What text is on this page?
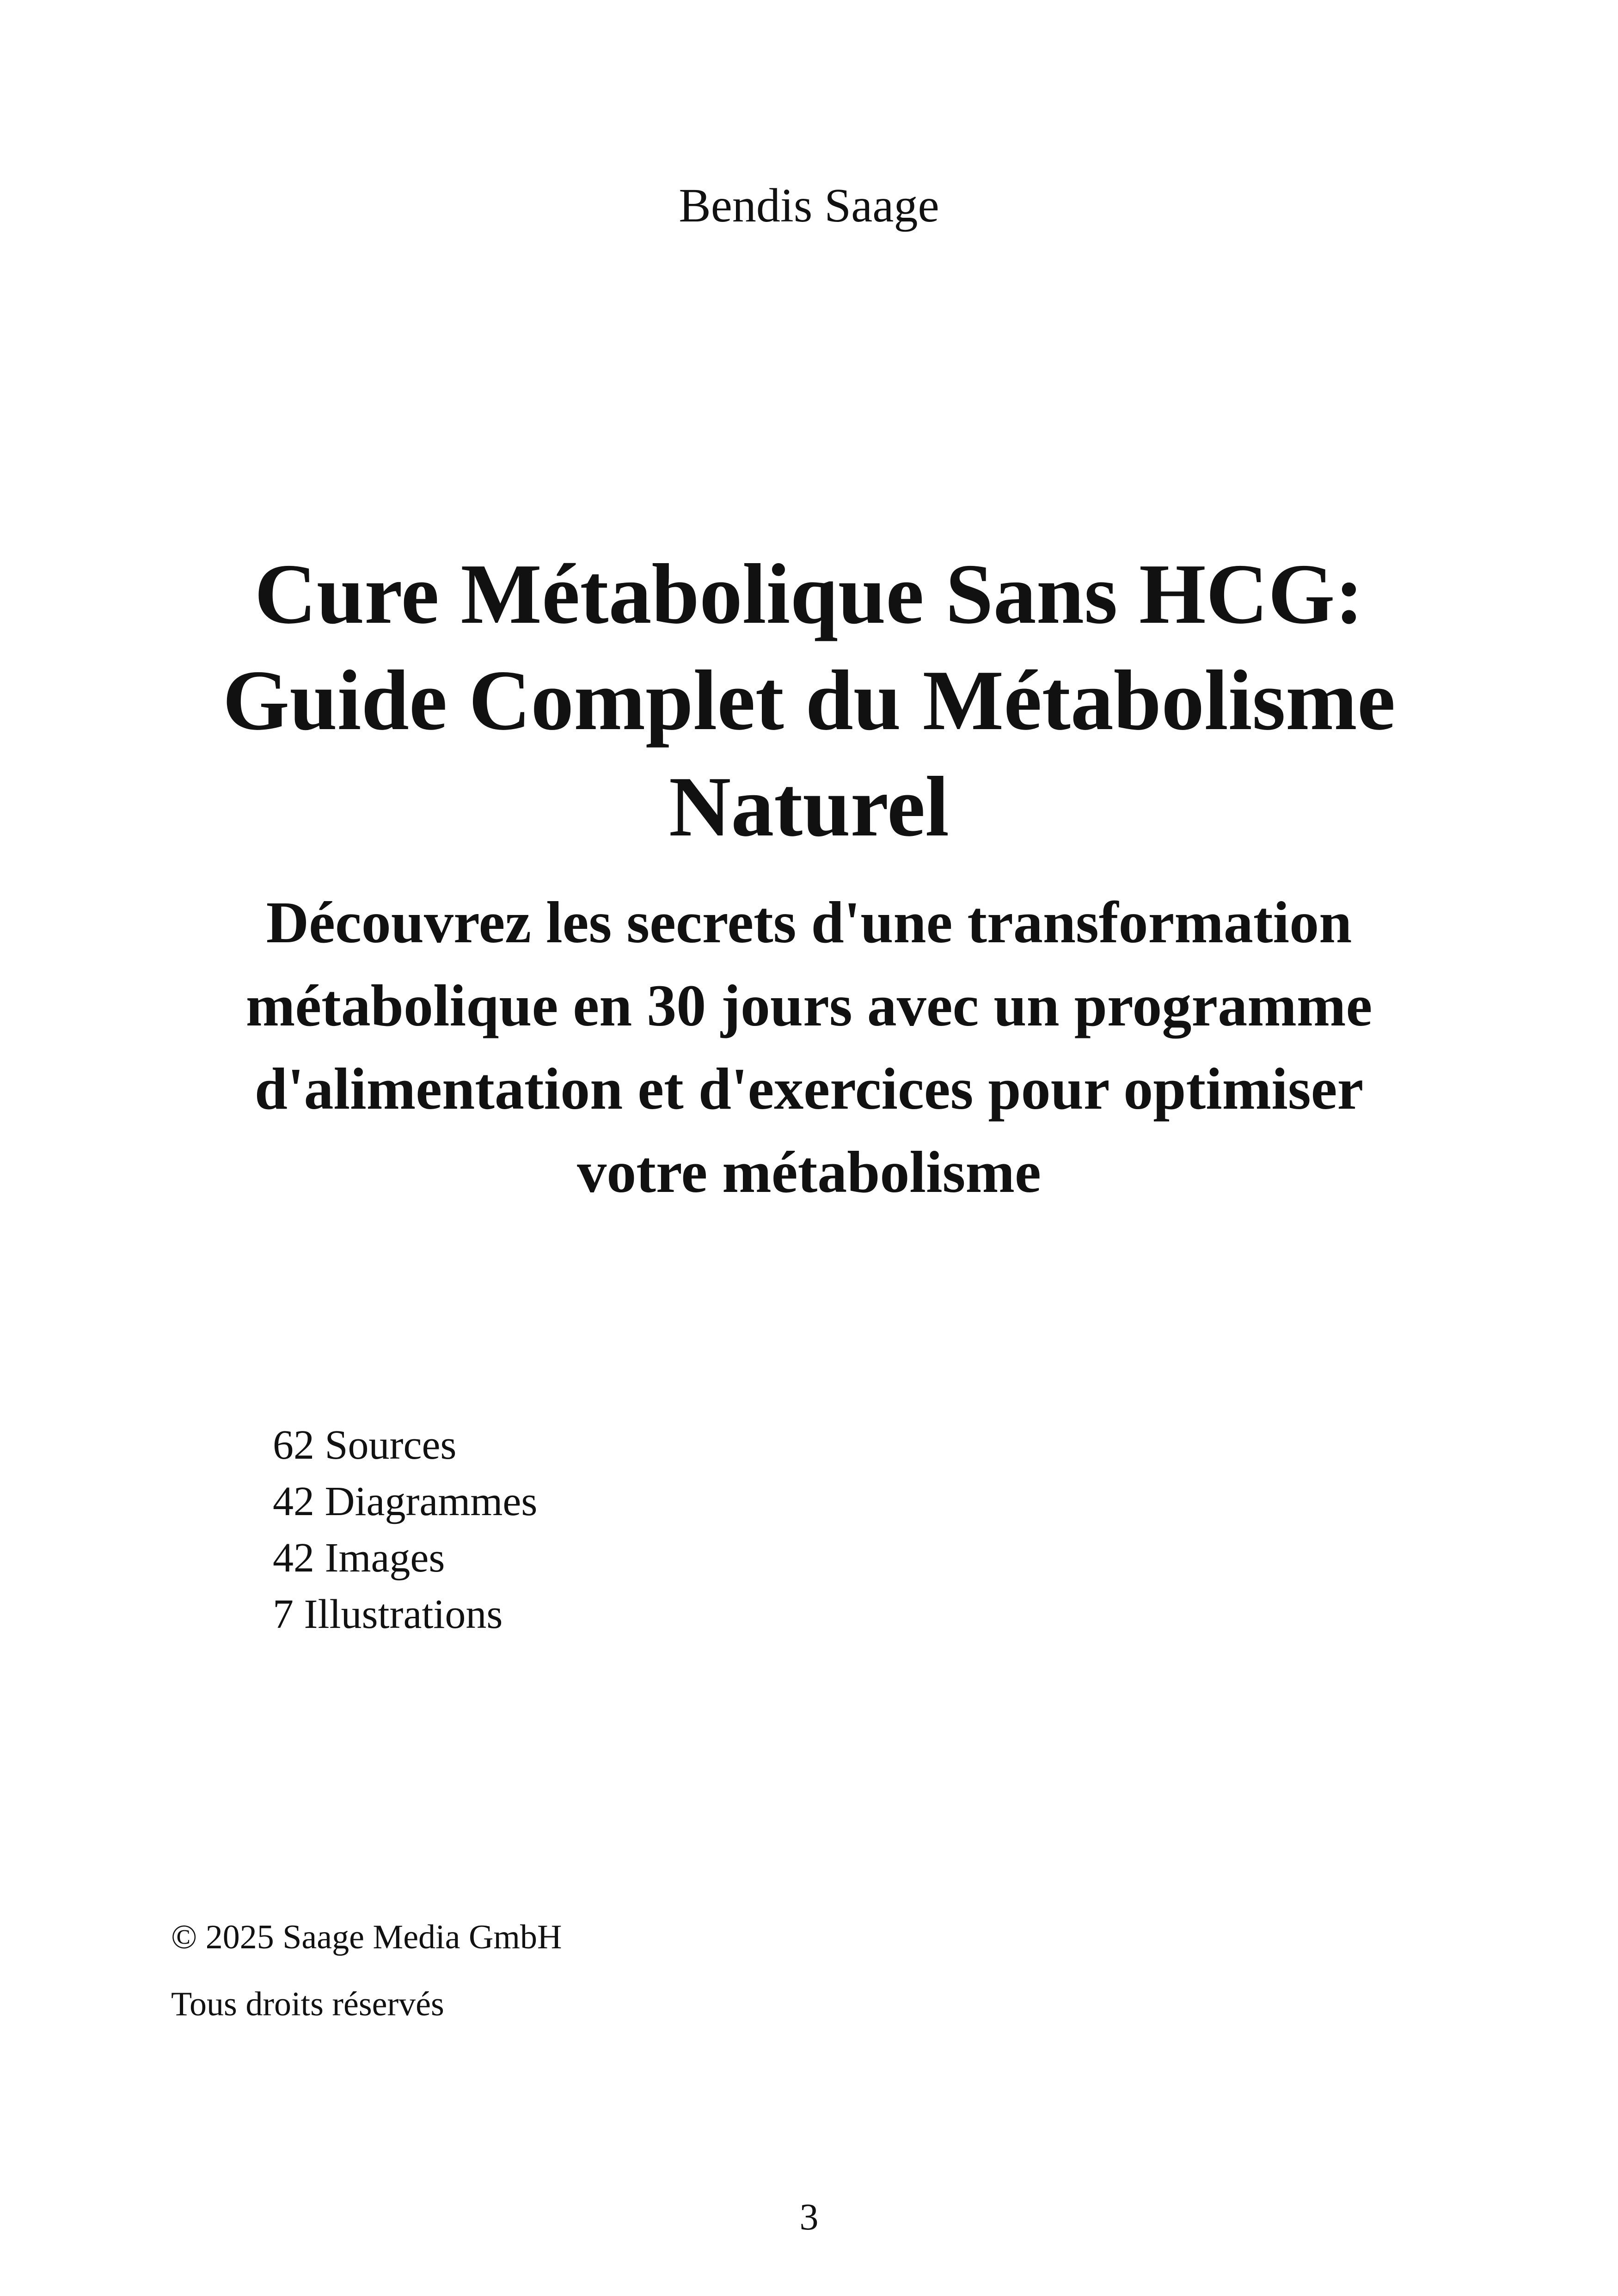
Bendis Saage
Cure Métabolique Sans HCG:
Guide Complet du Métabolisme
Naturel
Découvrez les secrets d'une transformation
métabolique en 30 jours avec un programme
d'alimentation et d'exercices pour optimiser
votre métabolisme
62 Sources
42 Diagrammes
42 Images
7 Illustrations
© 2025 Saage Media GmbH
Tous droits réservés
3
